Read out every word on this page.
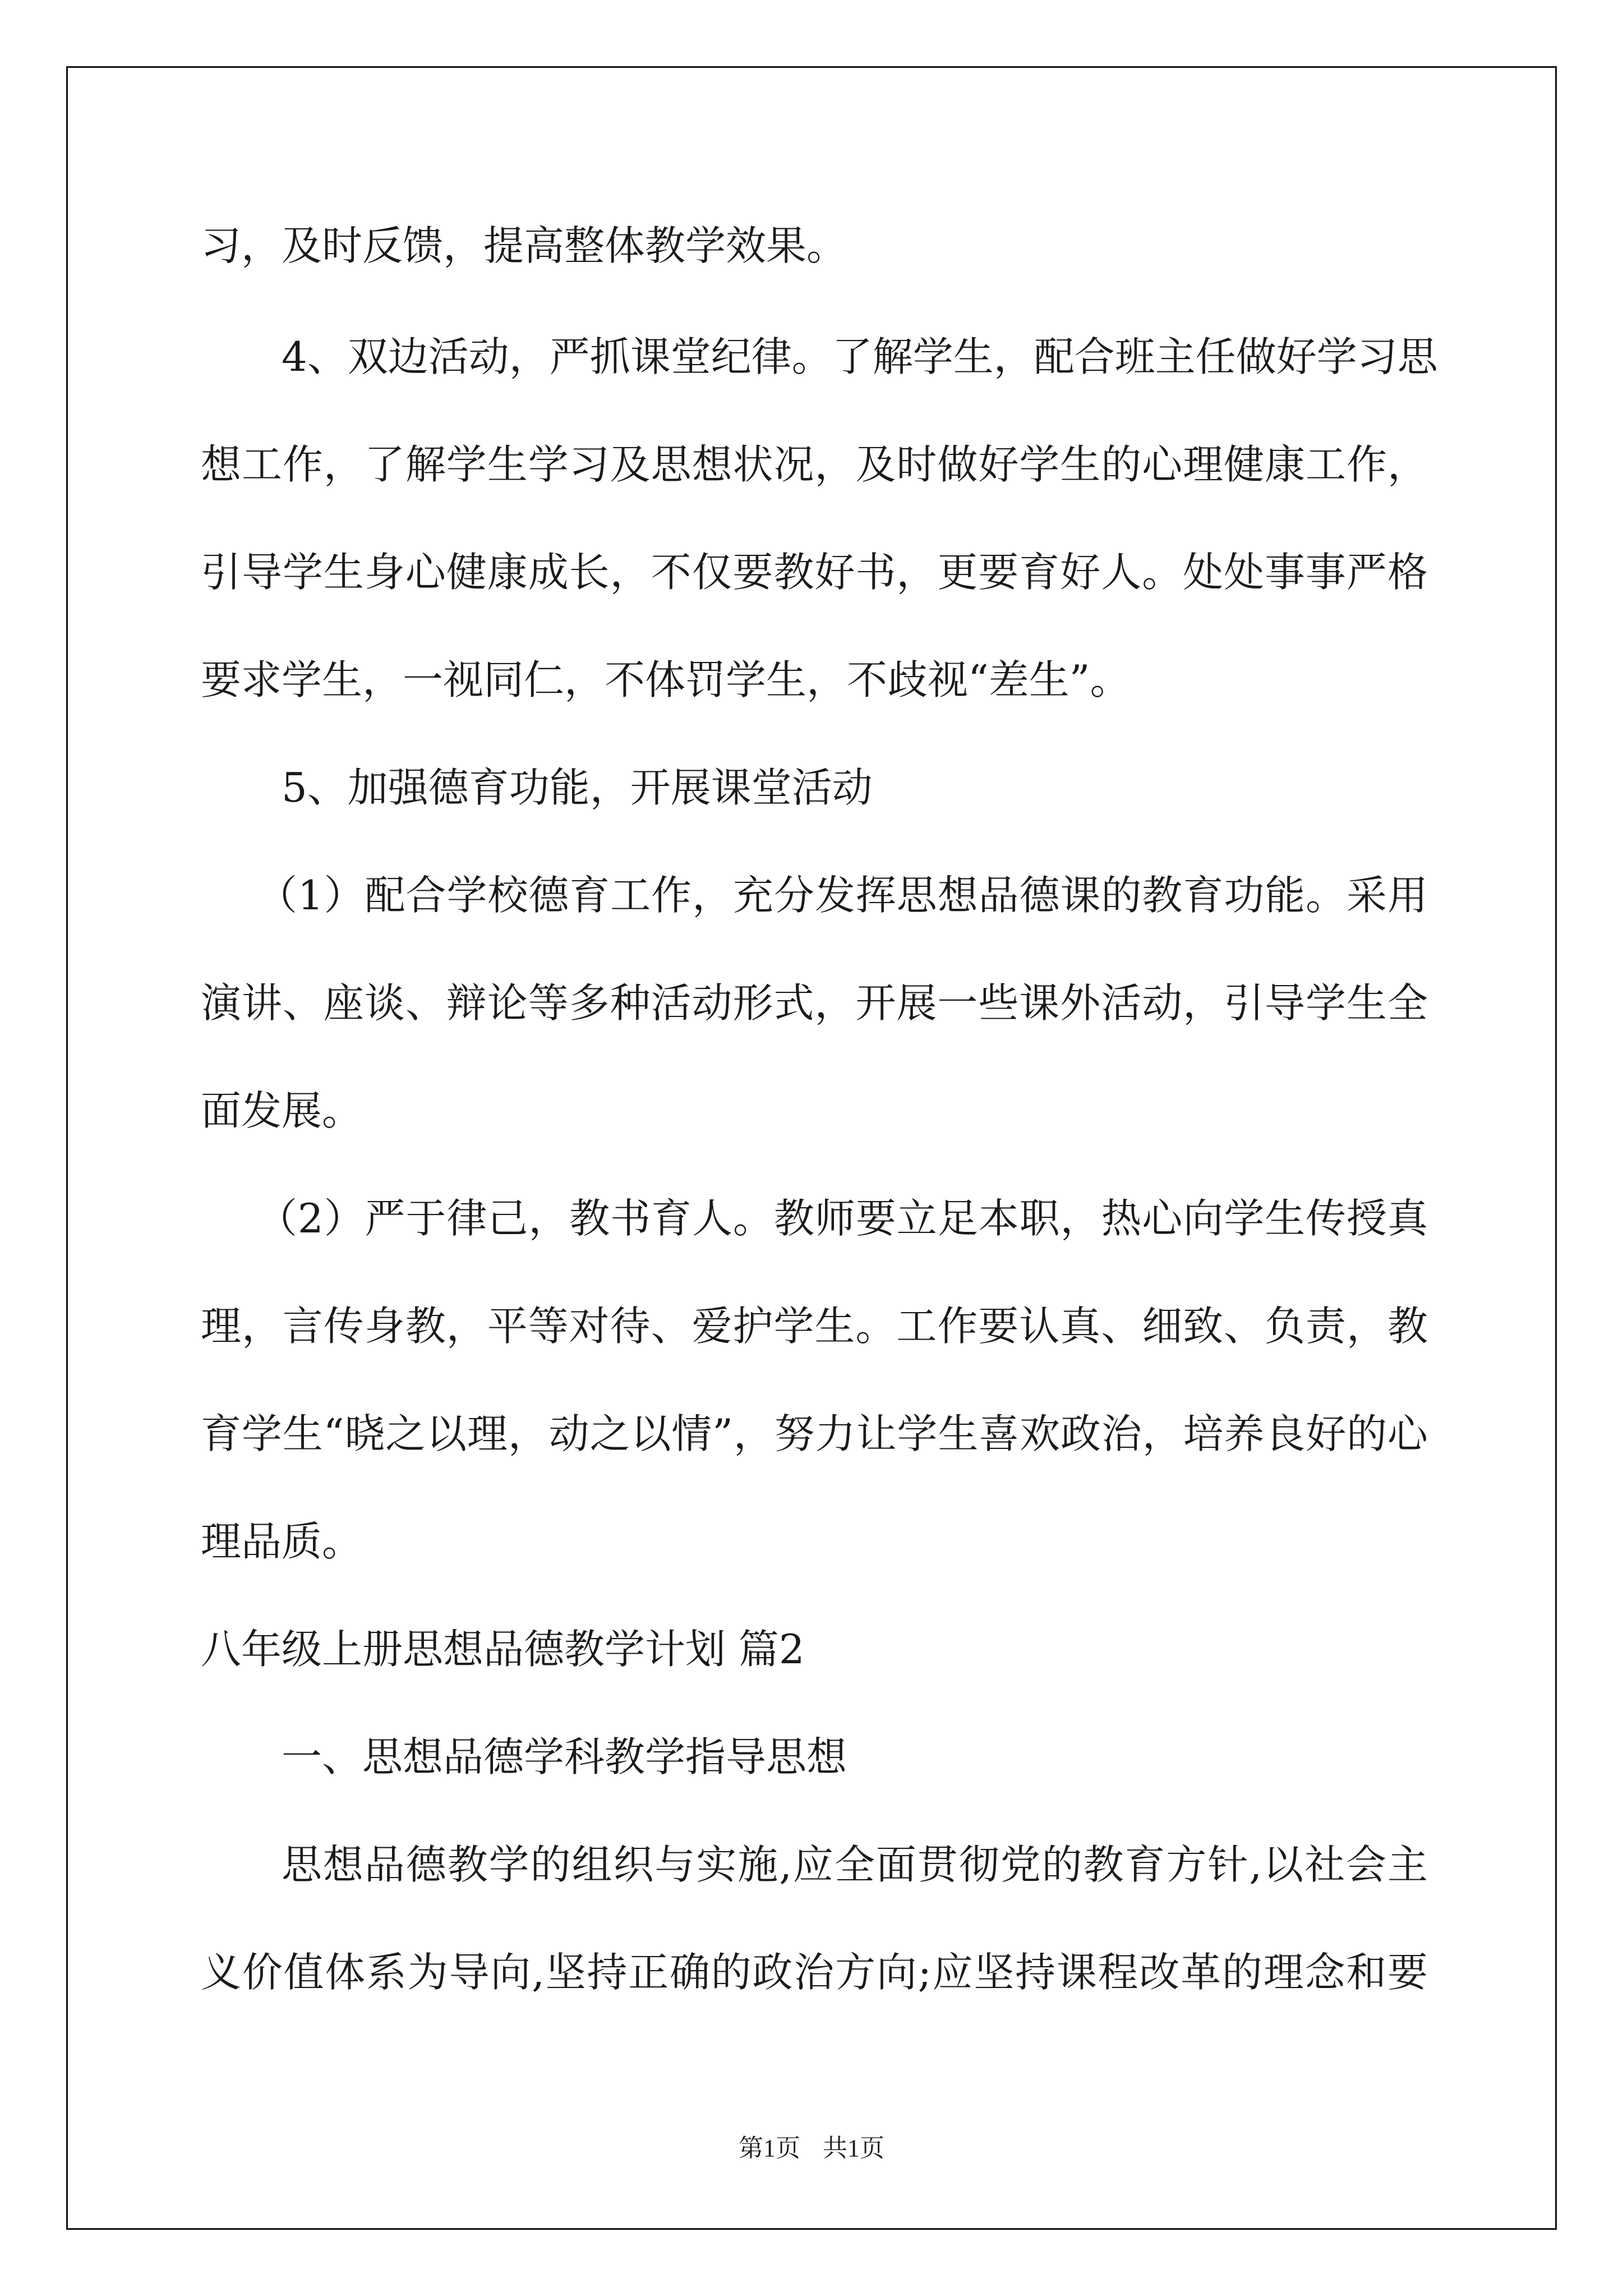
习，及时反馈，提高整体教学效果。
4、双边活动，严抓课堂纪律。了解学生，配合班主任做好学习思
想工作，了解学生学习及思想状况，及时做好学生的心理健康工作，
引导学生身心健康成长，不仅要教好书，更要育好人。处处事事严格
要求学生，一视同仁，不体罚学生，不歧视“差生”。
5、加强德育功能，开展课堂活动
（1）配合学校德育工作，充分发挥思想品德课的教育功能。采用
演讲、座谈、辩论等多种活动形式，开展一些课外活动，引导学生全
面发展。
（2）严于律己，教书育人。教师要立足本职，热心向学生传授真
理，言传身教，平等对待、爱护学生。工作要认真、细致、负责，教
育学生“晓之以理，动之以情”，努力让学生喜欢政治，培养良好的心
理品质。
八年级上册思想品德教学计划 篇2
一、思想品德学科教学指导思想
思想品德教学的组织与实施,应全面贯彻党的教育方针,以社会主
义价值体系为导向,坚持正确的政治方向;应坚持课程改革的理念和要
第1页 共1页
